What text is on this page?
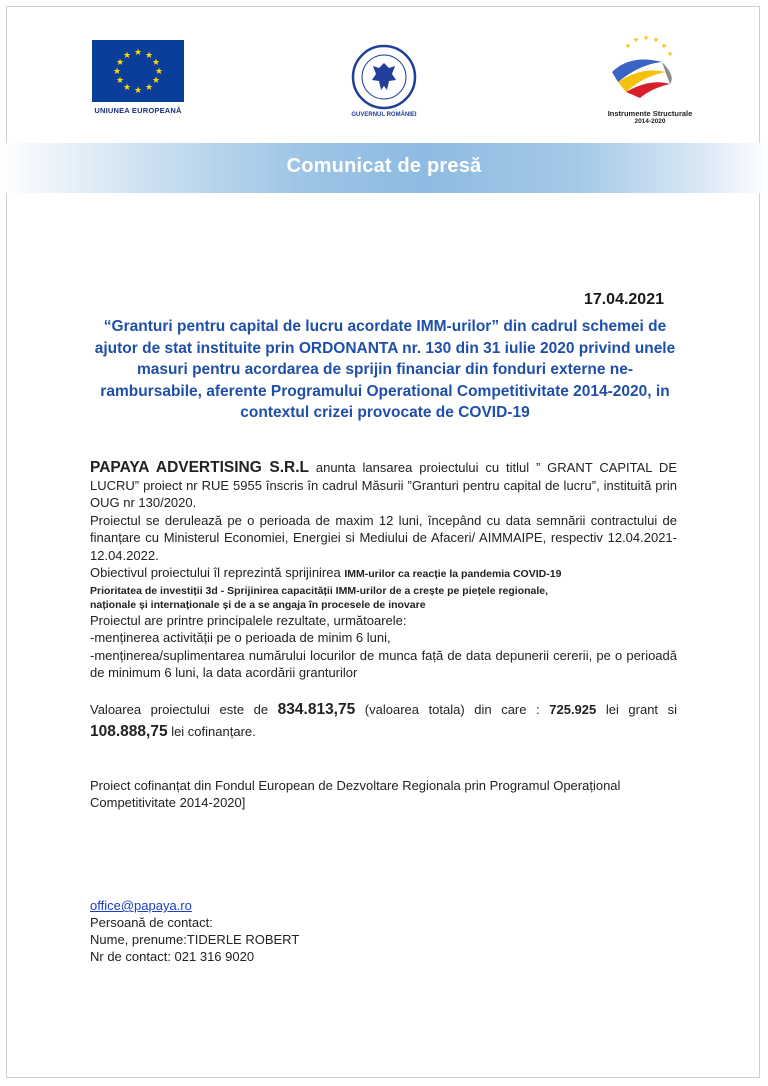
★ ★
★
★
★
★
★
★
★
★
★
★
UNIUNEA EUROPEANĂ	GUVERNUL ROMÂNIEI
★ ★ ★
★
★
★
Instrumente Structurale
2014-2020
Comunicat de presă
17.04.2021
“Granturi pentru capital de lucru acordate IMM-urilor” din cadrul schemei de ajutor de stat instituite prin ORDONANTA nr. 130 din 31 iulie 2020 privind unele masuri pentru acordarea de sprijin financiar din fonduri externe ne-rambursabile, aferente Programului Operational Competitivitate 2014-2020, in contextul crizei provocate de COVID-19

PAPAYA ADVERTISING S.R.L anunta lansarea proiectului cu titlul ” GRANT CAPITAL DE LUCRU” proiect nr RUE 5955 înscris în cadrul Măsurii ”Granturi pentru capital de lucru”, instituită prin OUG nr 130/2020.

Proiectul se derulează pe o perioada de maxim 12 luni, începând cu data semnării contractului de finanțare cu Ministerul Economiei, Energiei si Mediului de Afaceri/ AIMMAIPE, respectiv 12.04.2021-12.04.2022.

Obiectivul proiectului îl reprezintă sprijinirea IMM-urilor ca reacție la pandemia COVID-19

Prioritatea de investiții 3d - Sprijinirea capacității IMM-urilor de a crește pe piețele regionale,

naționale și internaționale și de a se angaja în procesele de inovare

Proiectul are printre principalele rezultate, următoarele:

-menținerea activității pe o perioada de minim 6 luni,

-menținerea/suplimentarea numărului locurilor de munca față de data depunerii cererii, pe o perioadă de minimum 6 luni, la data acordării granturilor

Valoarea proiectului este de 834.813,75 (valoarea totala) din care : 725.925 lei grant si 108.888,75 lei cofinanțare.

Proiect cofinanțat din Fondul European de Dezvoltare Regionala prin Programul Operațional Competitivitate 2014-2020]

office@papaya.ro
Persoană de contact:
Nume, prenume:TIDERLE ROBERT
Nr de contact: 021 316 9020
